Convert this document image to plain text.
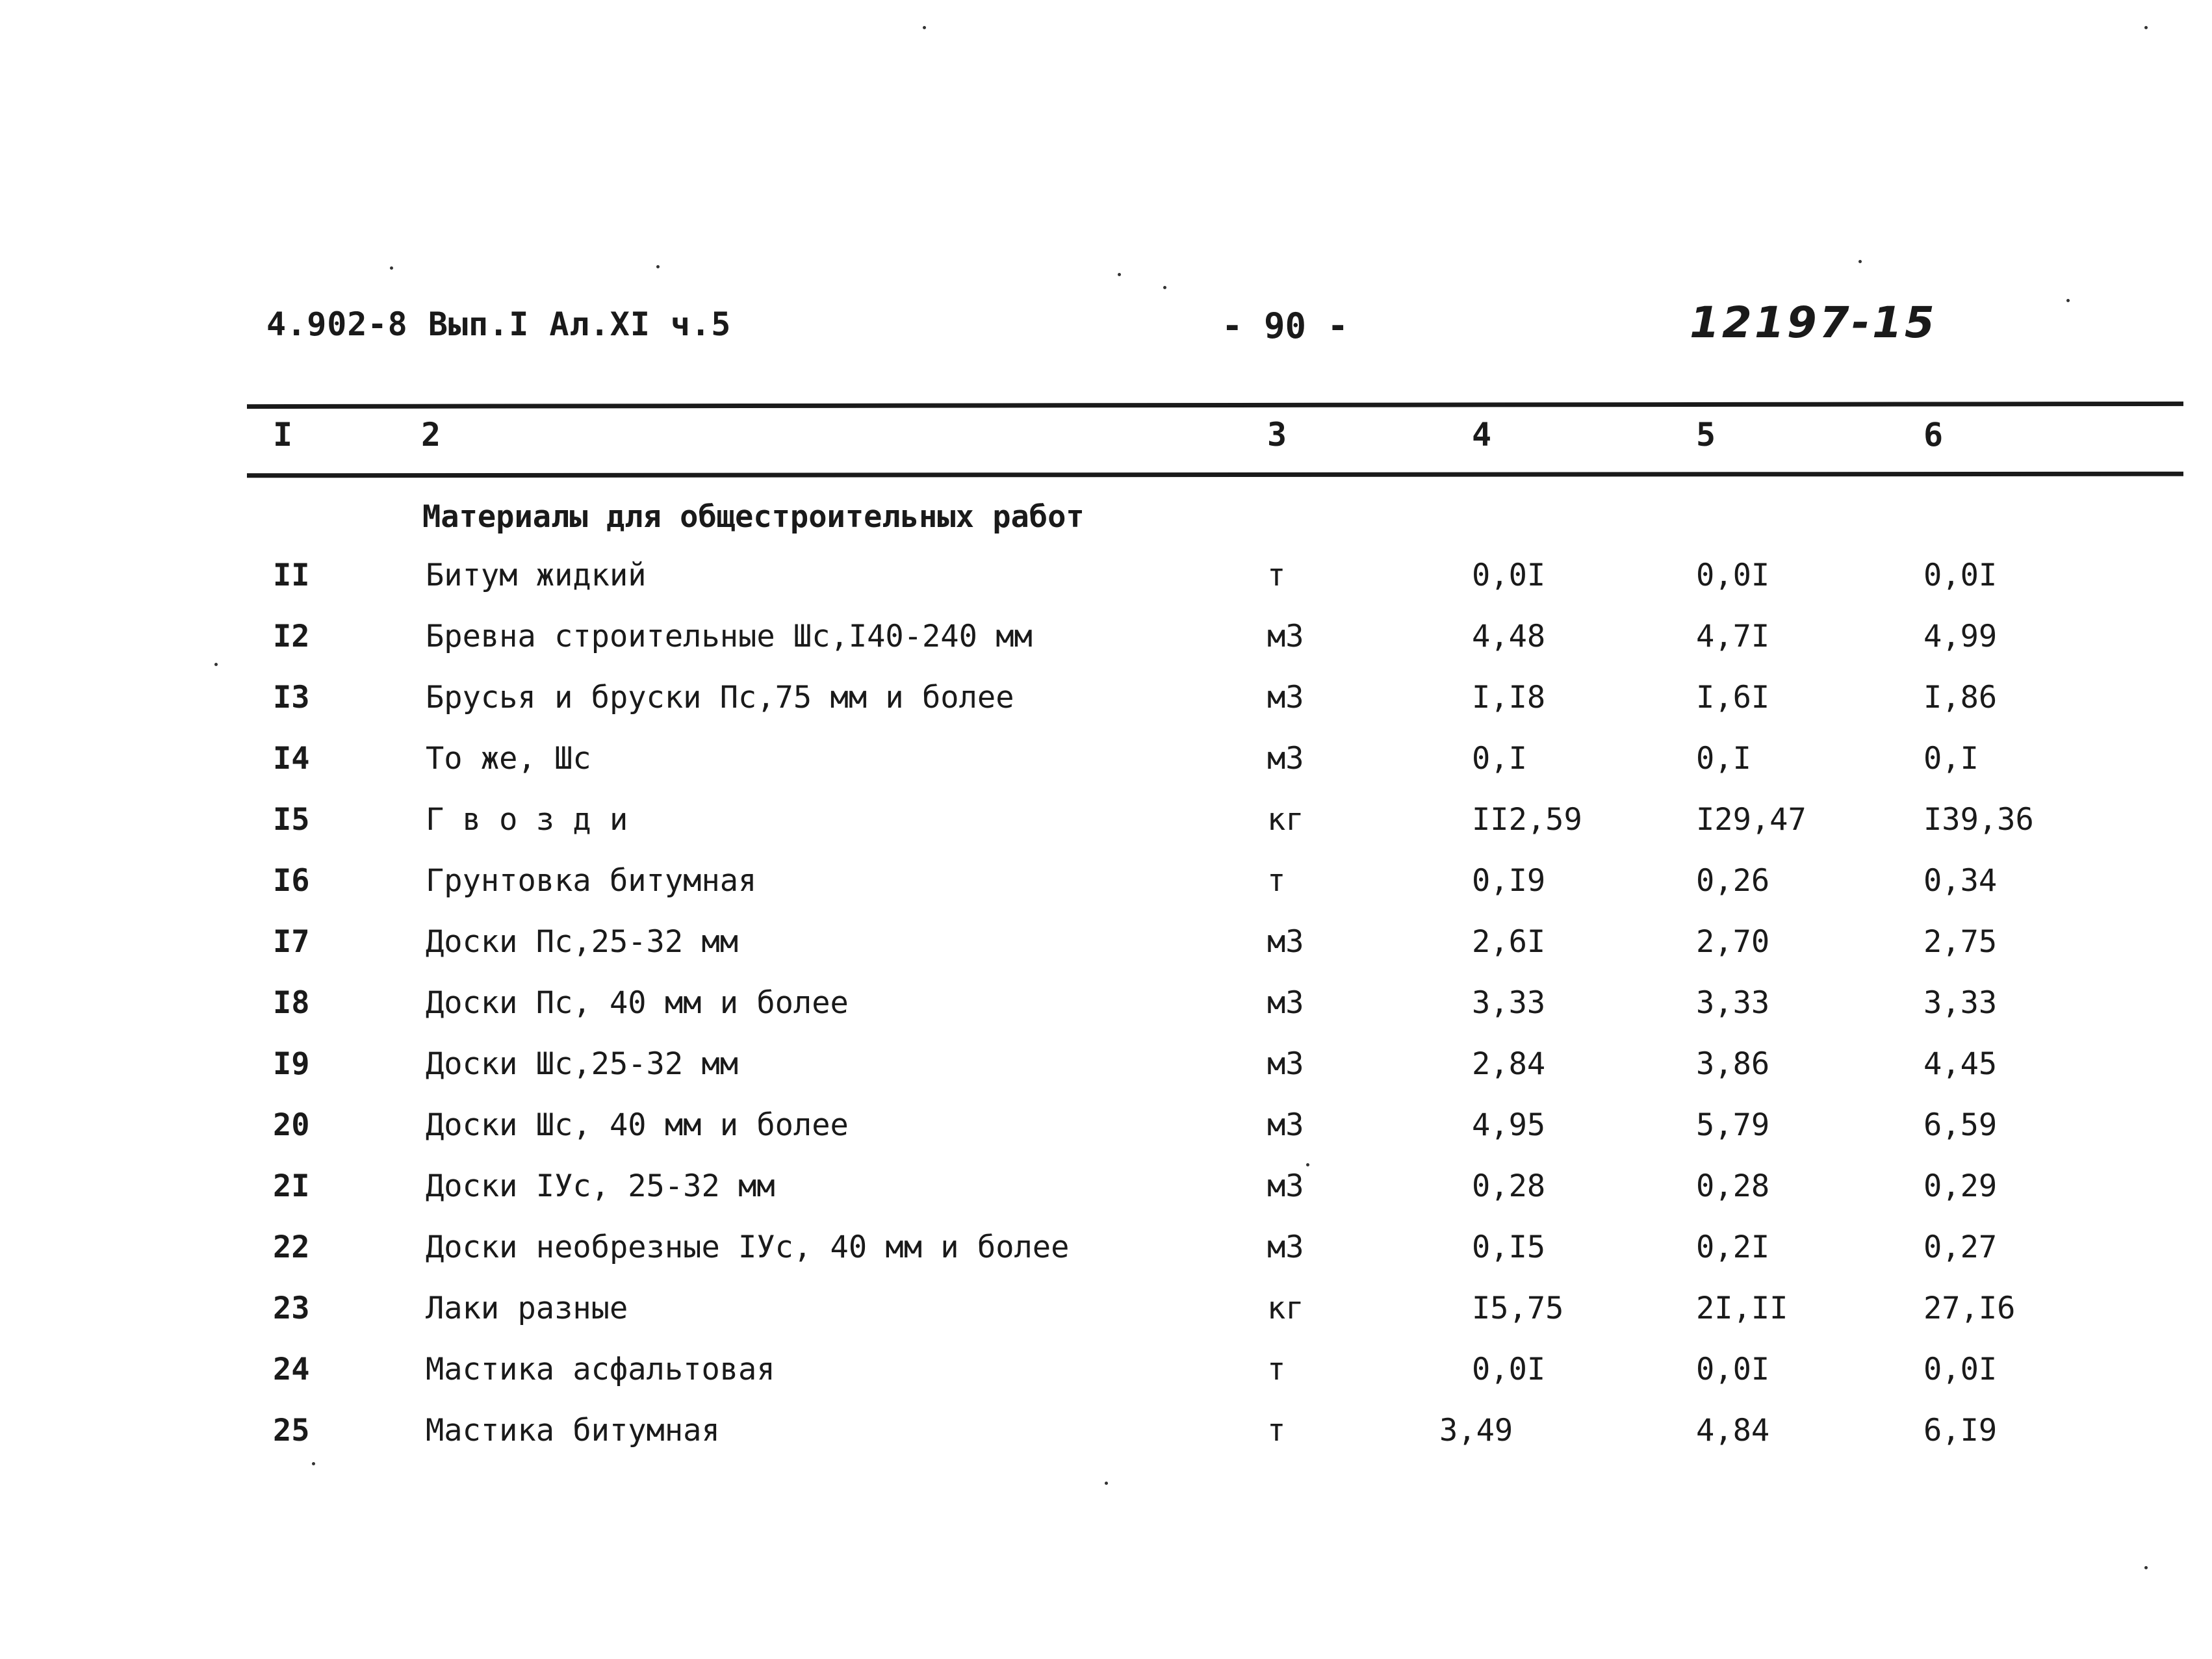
4.902-8 Вып.I Ал.XI ч.5	- 90 -	12197-15
I	2	3	4	5	6
Материалы для общестроительных работ
II	Битум жидкий	т	0,0I	0,0I	0,0I
I2	Бревна строительные Шс,I40-240 мм	м3	4,48	4,7I	4,99
I3	Брусья и бруски Пс,75 мм и более	м3	I,I8	I,6I	I,86
I4	То же, Шс	м3	0,I	0,I	0,I
I5	Г в о з д и	кг	II2,59	I29,47	I39,36
I6	Грунтовка битумная	т	0,I9	0,26	0,34
I7	Доски Пс,25-32 мм	м3	2,6I	2,70	2,75
I8	Доски Пс, 40 мм и более	м3	3,33	3,33	3,33
I9	Доски Шс,25-32 мм	м3	2,84	3,86	4,45
20	Доски Шс, 40 мм и более	м3	4,95	5,79	6,59
2I	Доски IУс, 25-32 мм	м3	0,28	0,28	0,29
22	Доски необрезные IУс, 40 мм и более	м3	0,I5	0,2I	0,27
23	Лаки разные	кг	I5,75	2I,II	27,I6
24	Мастика асфальтовая	т	0,0I	0,0I	0,0I
25	Мастика битумная	т	3,49	4,84	6,I9
